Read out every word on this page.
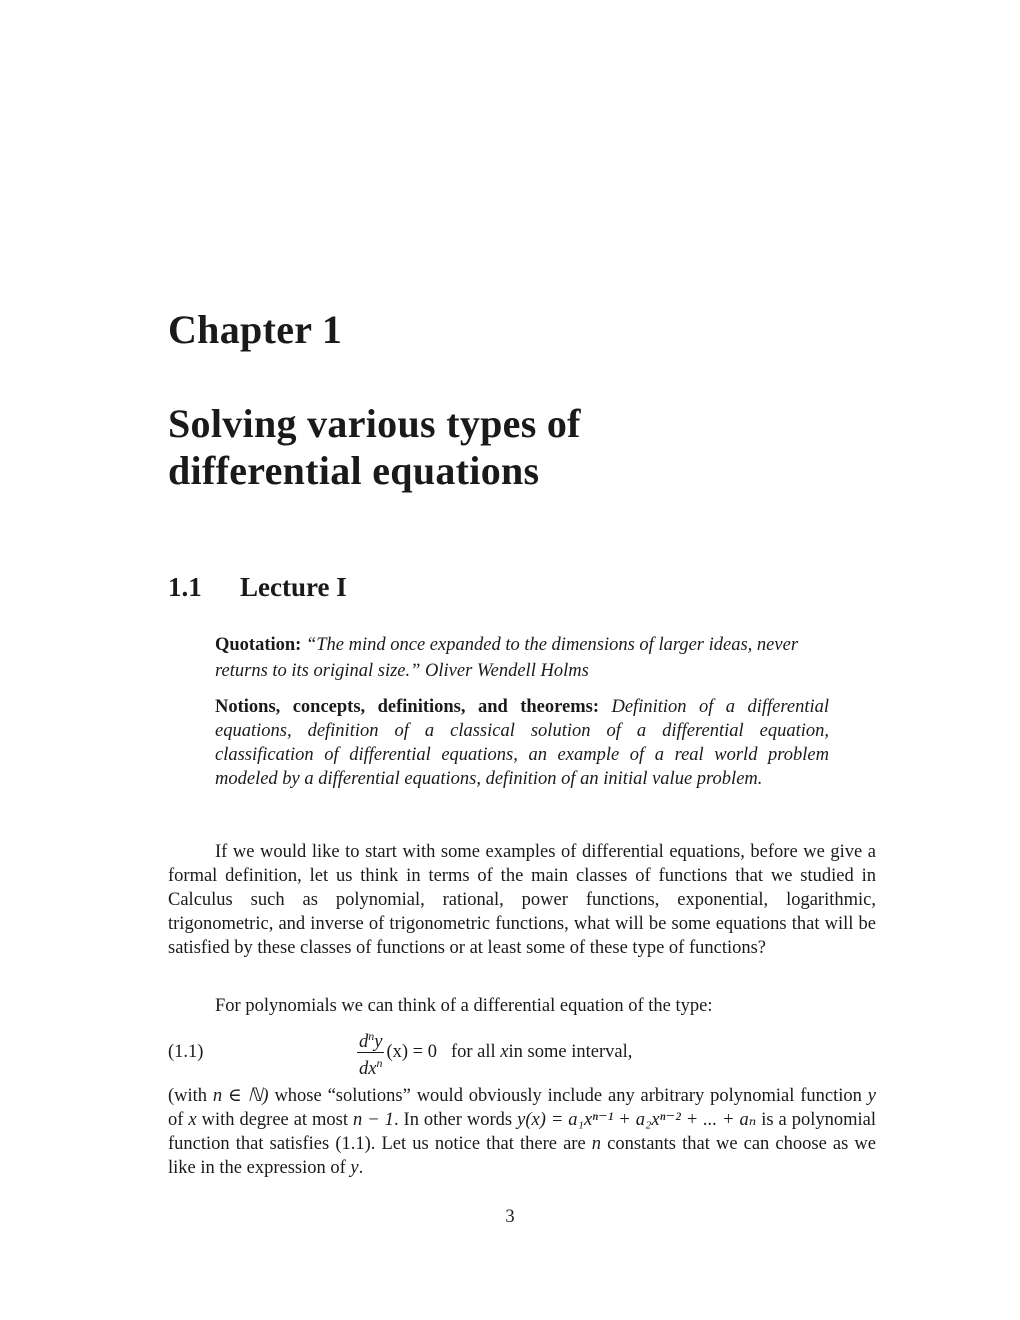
Chapter 1
Solving various types of
differential equations
1.1 Lecture I
Quotation: “The mind once expanded to the dimensions of larger ideas, never returns to its original size.” Oliver Wendell Holms
Notions, concepts, definitions, and theorems: Definition of a differential equations, definition of a classical solution of a differential equation, classification of differential equations, an example of a real world problem modeled by a differential equations, definition of an initial value problem.
If we would like to start with some examples of differential equations, before we give a formal definition, let us think in terms of the main classes of functions that we studied in Calculus such as polynomial, rational, power functions, exponential, logarithmic, trigonometric, and inverse of trigonometric functions, what will be some equations that will be satisfied by these classes of functions or at least some of these type of functions?
For polynomials we can think of a differential equation of the type:
(1.1)	$\frac{d^ny}{dx^n} (x) = 0$ for all
x in some interval,
(with n ∈ ℕ) whose “solutions” would obviously include any arbitrary polynomial function y of x with degree at most n − 1. In other words y(x) = a₁xⁿ⁻¹ + a₂xⁿ⁻² + ... + aₙ is a polynomial function that satisfies (1.1). Let us notice that there are n constants that we can choose as we like in the expression of y.
3
